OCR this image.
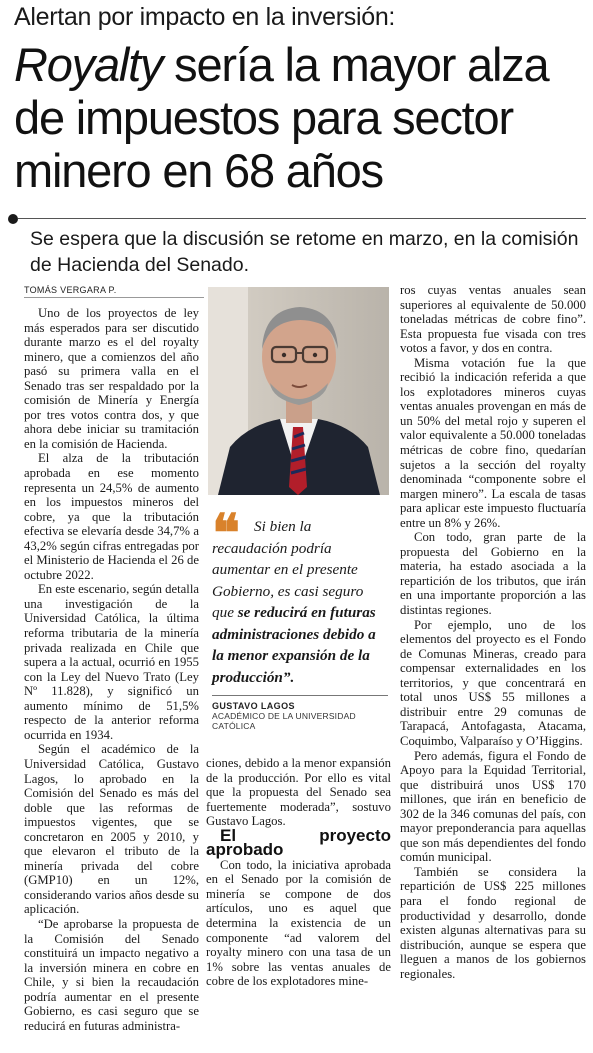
Alertan por impacto en la inversión:
Royalty sería la mayor alza de impuestos para sector minero en 68 años
Se espera que la discusión se retome en marzo, en la comisión de Hacienda del Senado.
TOMÁS VERGARA P.

Uno de los proyectos de ley más esperados para ser discutido durante marzo es el del royalty minero, que a comienzos del año pasó su primera valla en el Senado tras ser respaldado por la comisión de Minería y Energía por tres votos contra dos, y que ahora debe iniciar su tramitación en la comisión de Hacienda.

El alza de la tributación aprobada en ese momento representa un 24,5% de aumento en los impuestos mineros del cobre, ya que la tributación efectiva se elevaría desde 34,7% a 43,2% según cifras entregadas por el Ministerio de Hacienda el 26 de octubre 2022.

En este escenario, según detalla una investigación de la Universidad Católica, la última reforma tributaria de la minería privada realizada en Chile que supera a la actual, ocurrió en 1955 con la Ley del Nuevo Trato (Ley Nº 11.828), y significó un aumento mínimo de 51,5% respecto de la anterior reforma ocurrida en 1934.

Según el académico de la Universidad Católica, Gustavo Lagos, lo aprobado en la Comisión del Senado es más del doble que las reformas de impuestos vigentes, que se concretaron en 2005 y 2010, y que elevaron el tributo de la minería privada del cobre (GMP10) en un 12%, considerando varios años desde su aplicación.

“De aprobarse la propuesta de la Comisión del Senado constituirá un impacto negativo a la inversión minera en cobre en Chile, y si bien la recaudación podría aumentar en el presente Gobierno, es casi seguro que se reducirá en futuras administra-

❝ Si bien la recaudación podría aumentar en el presente Gobierno, es casi seguro que se reducirá en futuras administraciones debido a la menor expansión de la producción”.
GUSTAVO LAGOS
ACADÉMICO DE LA UNIVERSIDAD CATÓLICA

ciones, debido a la menor expansión de la producción. Por ello es vital que la propuesta del Senado sea fuertemente moderada”, sostuvo Gustavo Lagos.

El proyecto aprobado

Con todo, la iniciativa aprobada en el Senado por la comisión de minería se compone de dos artículos, uno es aquel que determina la existencia de un componente “ad valorem del royalty minero con una tasa de un 1% sobre las ventas anuales de cobre de los explotadores mine-

ros cuyas ventas anuales sean superiores al equivalente de 50.000 toneladas métricas de cobre fino”. Esta propuesta fue visada con tres votos a favor, y dos en contra.

Misma votación fue la que recibió la indicación referida a que los explotadores mineros cuyas ventas anuales provengan en más de un 50% del metal rojo y superen el valor equivalente a 50.000 toneladas métricas de cobre fino, quedarían sujetos a la sección del royalty denominada “componente sobre el margen minero”. La escala de tasas para aplicar este impuesto fluctuaría entre un 8% y 26%.

Con todo, gran parte de la propuesta del Gobierno en la materia, ha estado asociada a la repartición de los tributos, que irán en una importante proporción a las distintas regiones.

Por ejemplo, uno de los elementos del proyecto es el Fondo de Comunas Mineras, creado para compensar externalidades en los territorios, y que concentrará en total unos US$ 55 millones a distribuir entre 29 comunas de Tarapacá, Antofagasta, Atacama, Coquimbo, Valparaíso y O’Higgins.

Pero además, figura el Fondo de Apoyo para la Equidad Territorial, que distribuirá unos US$ 170 millones, que irán en beneficio de 302 de la 346 comunas del país, con mayor preponderancia para aquellas que son más dependientes del fondo común municipal.

También se considera la repartición de US$ 225 millones para el fondo regional de productividad y desarrollo, donde existen algunas alternativas para su distribución, aunque se espera que lleguen a manos de los gobiernos regionales.
